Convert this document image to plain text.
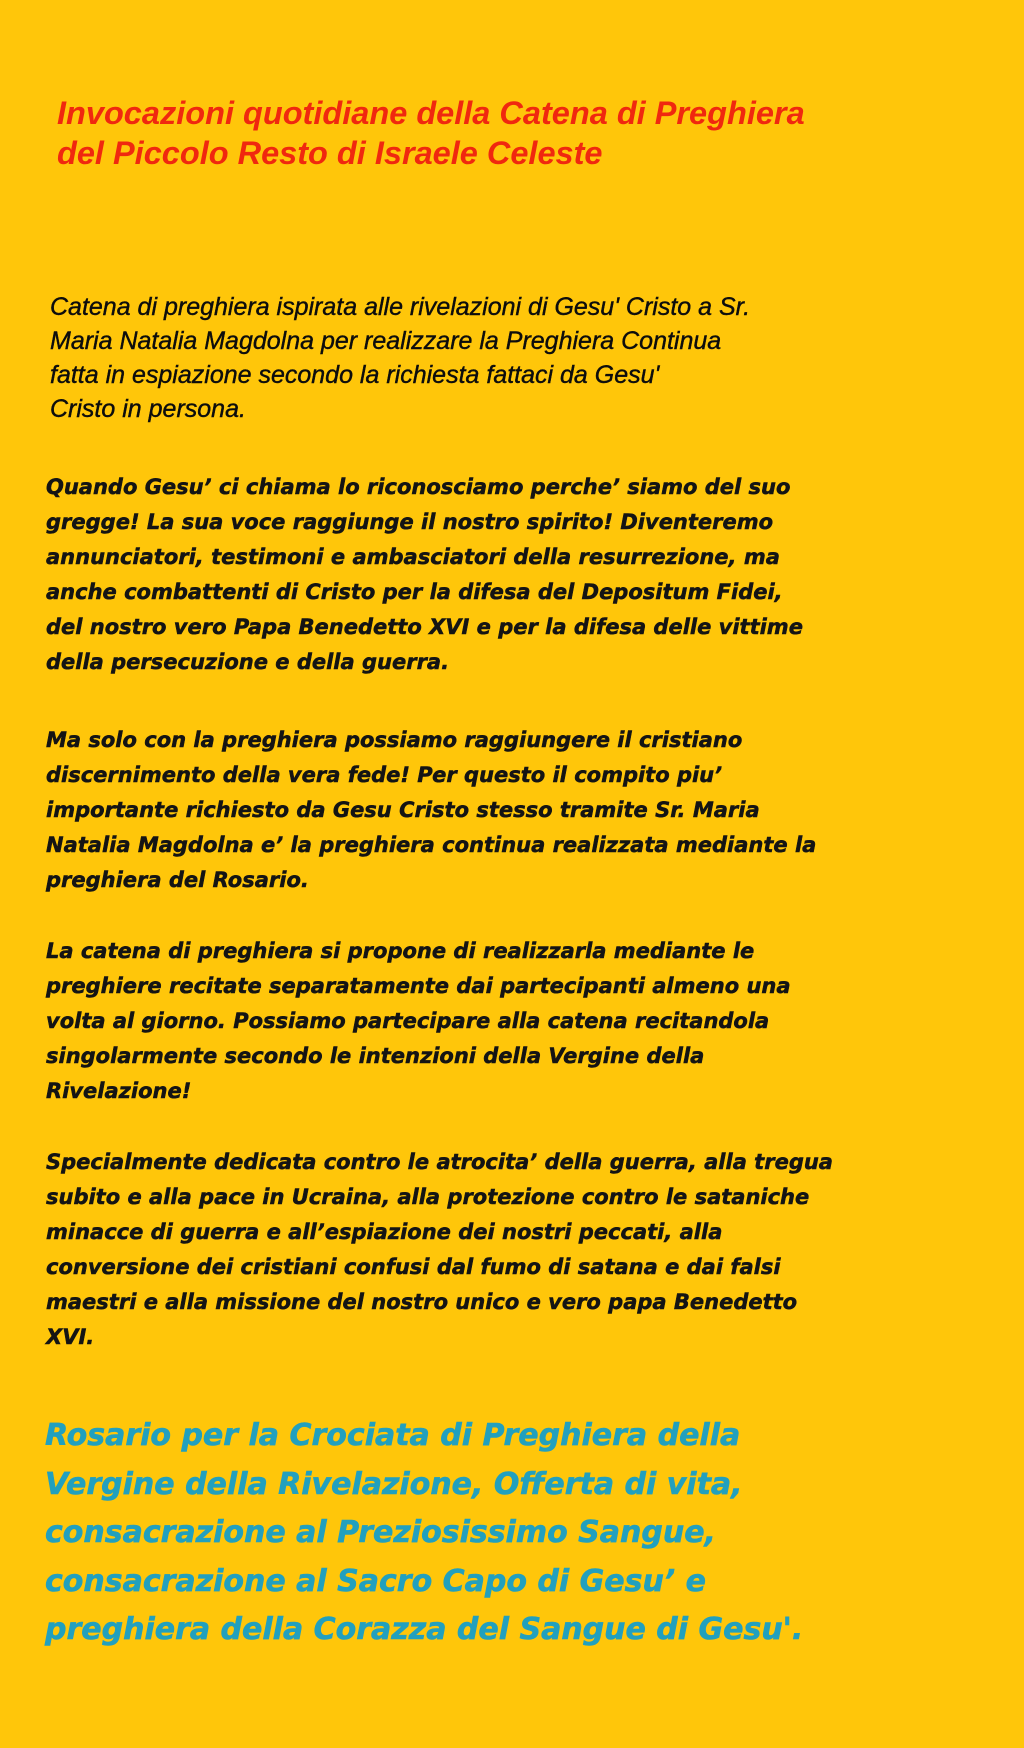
Invocazioni quotidiane della Catena di Preghiera
del Piccolo Resto di Israele Celeste

Catena di preghiera ispirata alle rivelazioni di Gesu' Cristo a Sr.
Maria Natalia Magdolna per realizzare la Preghiera Continua
fatta in espiazione secondo la richiesta fattaci da Gesu'
Cristo in persona.

Quando Gesu’ ci chiama lo riconosciamo perche’ siamo del suo
gregge! La sua voce raggiunge il nostro spirito! Diventeremo
annunciatori, testimoni e ambasciatori della resurrezione, ma
anche combattenti di Cristo per la difesa del Depositum Fidei,
del nostro vero Papa Benedetto XVI e per la difesa delle vittime
della persecuzione e della guerra.

Ma solo con la preghiera possiamo raggiungere il cristiano
discernimento della vera fede! Per questo il compito piu’
importante richiesto da Gesu Cristo stesso tramite Sr. Maria
Natalia Magdolna e’ la preghiera continua realizzata mediante la
preghiera del Rosario.

La catena di preghiera si propone di realizzarla mediante le
preghiere recitate separatamente dai partecipanti almeno una
volta al giorno. Possiamo partecipare alla catena recitandola
singolarmente secondo le intenzioni della Vergine della
Rivelazione!

Specialmente dedicata contro le atrocita’ della guerra, alla tregua
subito e alla pace in Ucraina, alla protezione contro le sataniche
minacce di guerra e all’espiazione dei nostri peccati, alla
conversione dei cristiani confusi dal fumo di satana e dai falsi
maestri e alla missione del nostro unico e vero papa Benedetto
XVI.

Rosario per la Crociata di Preghiera della
Vergine della Rivelazione, Offerta di vita,
consacrazione al Preziosissimo Sangue,
consacrazione al Sacro Capo di Gesu’ e
preghiera della Corazza del Sangue di Gesu'.
